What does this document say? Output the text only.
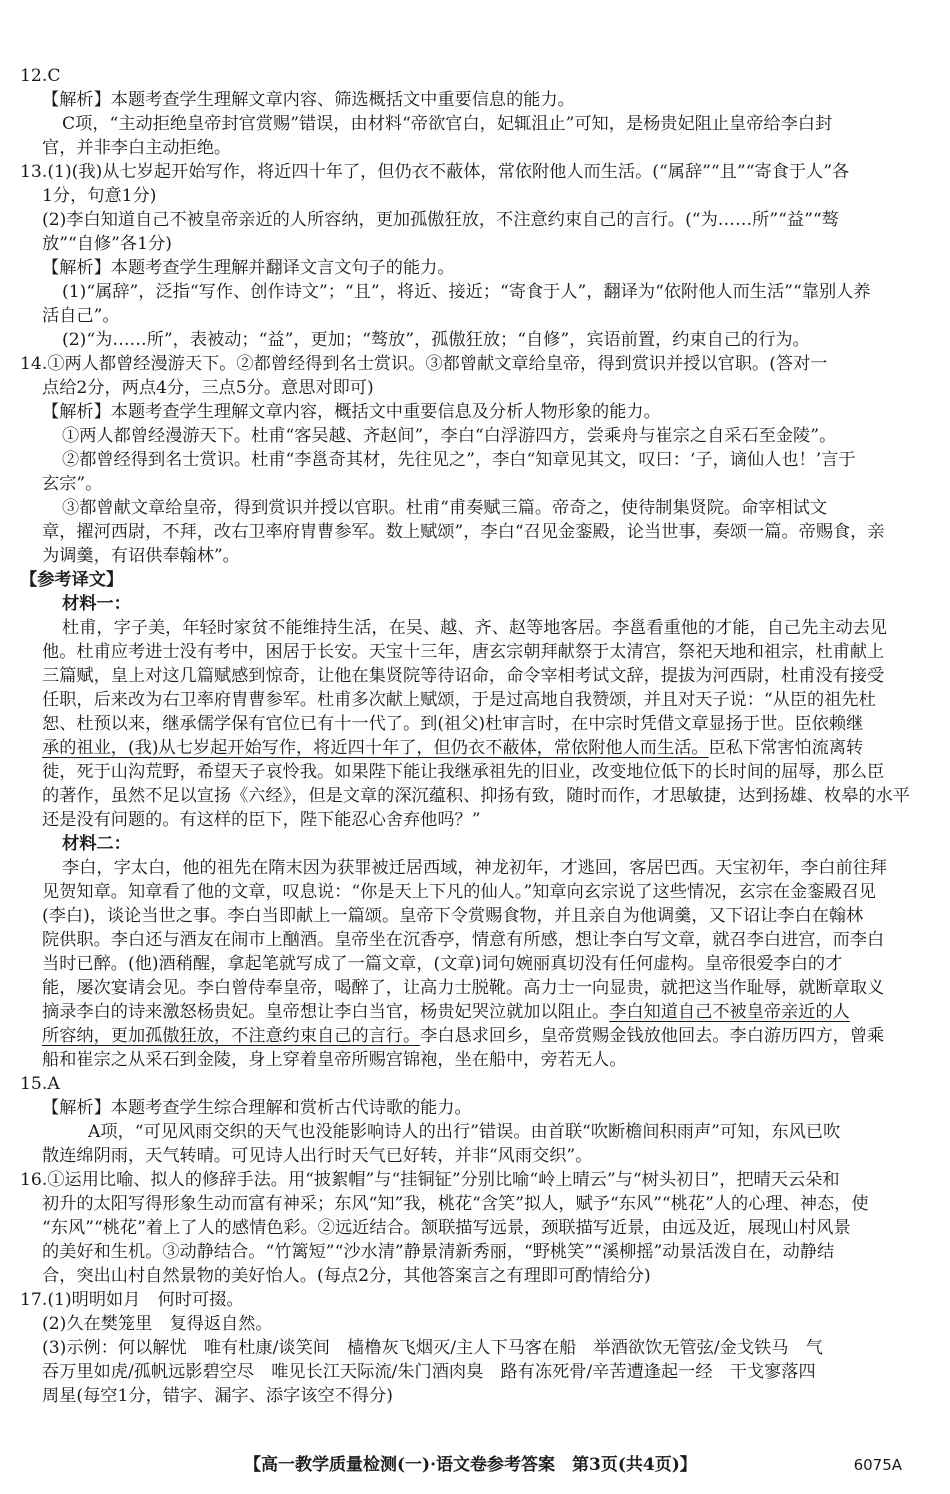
12.C
【解析】本题考查学生理解文章内容、筛选概括文中重要信息的能力。
C项，“主动拒绝皇帝封官赏赐”错误，由材料“帝欲官白，妃辄沮止”可知，是杨贵妃阻止皇帝给李白封
官，并非李白主动拒绝。
13.(1)(我)从七岁起开始写作，将近四十年了，但仍衣不蔽体，常依附他人而生活。(“属辞”“且”“寄食于人”各
1分，句意1分)
(2)李白知道自己不被皇帝亲近的人所容纳，更加孤傲狂放，不注意约束自己的言行。(“为……所”“益”“骜
放”“自修”各1分)
【解析】本题考查学生理解并翻译文言文句子的能力。
(1)“属辞”，泛指“写作、创作诗文”；“且”，将近、接近；“寄食于人”，翻译为“依附他人而生活”“靠别人养
活自己”。
(2)“为……所”，表被动；“益”，更加；“骜放”，孤傲狂放；“自修”，宾语前置，约束自己的行为。
14.①两人都曾经漫游天下。②都曾经得到名士赏识。③都曾献文章给皇帝，得到赏识并授以官职。(答对一
点给2分，两点4分，三点5分。意思对即可)
【解析】本题考查学生理解文章内容，概括文中重要信息及分析人物形象的能力。
①两人都曾经漫游天下。杜甫“客吴越、齐赵间”，李白“白浮游四方，尝乘舟与崔宗之自采石至金陵”。
②都曾经得到名士赏识。杜甫“李邕奇其材，先往见之”，李白“知章见其文，叹曰：‘子，谪仙人也！’言于
玄宗”。
③都曾献文章给皇帝，得到赏识并授以官职。杜甫“甫奏赋三篇。帝奇之，使待制集贤院。命宰相试文
章，擢河西尉，不拜，改右卫率府胄曹参军。数上赋颂”，李白“召见金銮殿，论当世事，奏颂一篇。帝赐食，亲
为调羹，有诏供奉翰林”。
【参考译文】
材料一：
杜甫，字子美，年轻时家贫不能维持生活，在吴、越、齐、赵等地客居。李邕看重他的才能，自己先主动去见
他。杜甫应考进士没有考中，困居于长安。天宝十三年，唐玄宗朝拜献祭于太清宫，祭祀天地和祖宗，杜甫献上
三篇赋，皇上对这几篇赋感到惊奇，让他在集贤院等待诏命，命令宰相考试文辞，提拔为河西尉，杜甫没有接受
任职，后来改为右卫率府胄曹参军。杜甫多次献上赋颂，于是过高地自我赞颂，并且对天子说：“从臣的祖先杜
恕、杜预以来，继承儒学保有官位已有十一代了。到(祖父)杜审言时，在中宗时凭借文章显扬于世。臣依赖继
承的祖业，(我)从七岁起开始写作，将近四十年了，但仍衣不蔽体，常依附他人而生活。臣私下常害怕流离转
徙，死于山沟荒野，希望天子哀怜我。如果陛下能让我继承祖先的旧业，改变地位低下的长时间的屈辱，那么臣
的著作，虽然不足以宣扬《六经》，但是文章的深沉蕴积、抑扬有致，随时而作，才思敏捷，达到扬雄、枚皋的水平
还是没有问题的。有这样的臣下，陛下能忍心舍弃他吗？”
材料二：
李白，字太白，他的祖先在隋末因为获罪被迁居西域，神龙初年，才逃回，客居巴西。天宝初年，李白前往拜
见贺知章。知章看了他的文章，叹息说：“你是天上下凡的仙人。”知章向玄宗说了这些情况，玄宗在金銮殿召见
(李白)，谈论当世之事。李白当即献上一篇颂。皇帝下令赏赐食物，并且亲自为他调羹，又下诏让李白在翰林
院供职。李白还与酒友在闹市上酗酒。皇帝坐在沉香亭，情意有所感，想让李白写文章，就召李白进宫，而李白
当时已醉。(他)酒稍醒，拿起笔就写成了一篇文章，(文章)词句婉丽真切没有任何虚构。皇帝很爱李白的才
能，屡次宴请会见。李白曾侍奉皇帝，喝醉了，让高力士脱靴。高力士一向显贵，就把这当作耻辱，就断章取义
摘录李白的诗来激怒杨贵妃。皇帝想让李白当官，杨贵妃哭泣就加以阻止。李白知道自己不被皇帝亲近的人
所容纳，更加孤傲狂放，不注意约束自己的言行。李白恳求回乡，皇帝赏赐金钱放他回去。李白游历四方，曾乘
船和崔宗之从采石到金陵，身上穿着皇帝所赐宫锦袍，坐在船中，旁若无人。
15.A
【解析】本题考查学生综合理解和赏析古代诗歌的能力。
A项，“可见风雨交织的天气也没能影响诗人的出行”错误。由首联“吹断檐间积雨声”可知，东风已吹
散连绵阴雨，天气转晴。可见诗人出行时天气已好转，并非“风雨交织”。
16.①运用比喻、拟人的修辞手法。用“披絮帽”与“挂铜钲”分别比喻“岭上晴云”与“树头初日”，把晴天云朵和
初升的太阳写得形象生动而富有神采；东风“知”我，桃花“含笑”拟人，赋予“东风”“桃花”人的心理、神态，使
“东风”“桃花”着上了人的感情色彩。②远近结合。颔联描写远景，颈联描写近景，由远及近，展现山村风景
的美好和生机。③动静结合。“竹篱短”“沙水清”静景清新秀丽，“野桃笑”“溪柳摇”动景活泼自在，动静结
合，突出山村自然景物的美好怡人。(每点2分，其他答案言之有理即可酌情给分)
17.(1)明明如月　何时可掇。
(2)久在樊笼里　复得返自然。
【高一教学质量检测(一)·语文卷参考答案　第3页(共4页)】	6075A
(3)示例：何以解忧　唯有杜康/谈笑间　樯橹灰飞烟灭/主人下马客在船　举酒欲饮无管弦/金戈铁马　气
吞万里如虎/孤帆远影碧空尽　唯见长江天际流/朱门酒肉臭　路有冻死骨/辛苦遭逢起一经　干戈寥落四
周星(每空1分，错字、漏字、添字该空不得分)
